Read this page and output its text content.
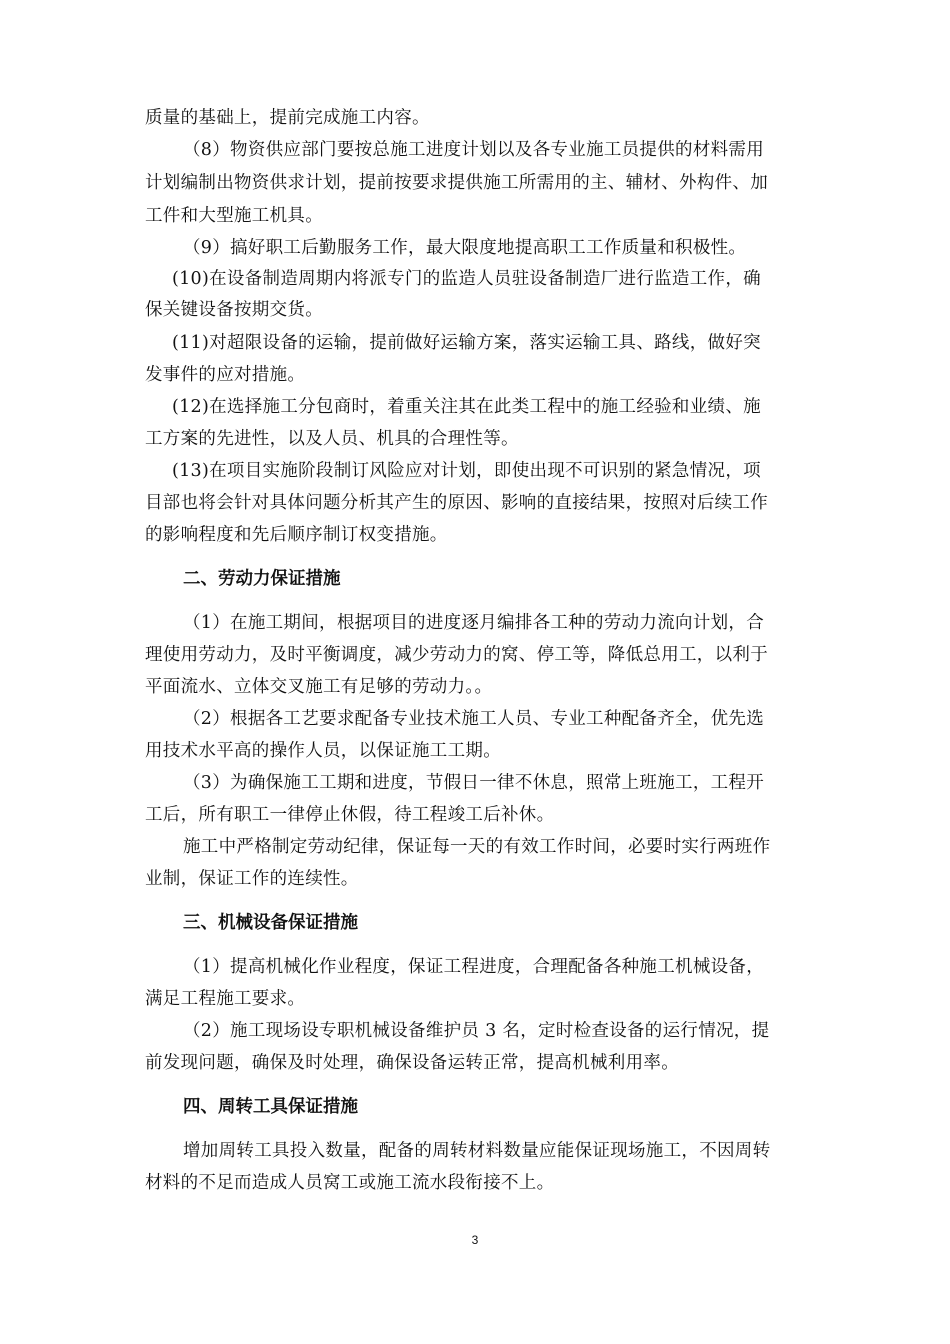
质量的基础上，提前完成施工内容。
（8）物资供应部门要按总施工进度计划以及各专业施工员提供的材料需用
计划编制出物资供求计划，提前按要求提供施工所需用的主、辅材、外构件、加
工件和大型施工机具。
（9）搞好职工后勤服务工作，最大限度地提高职工工作质量和积极性。
(10)在设备制造周期内将派专门的监造人员驻设备制造厂进行监造工作，确
保关键设备按期交货。
(11)对超限设备的运输，提前做好运输方案，落实运输工具、路线，做好突
发事件的应对措施。
(12)在选择施工分包商时，着重关注其在此类工程中的施工经验和业绩、施
工方案的先进性，以及人员、机具的合理性等。
(13)在项目实施阶段制订风险应对计划，即使出现不可识别的紧急情况，项
目部也将会针对具体问题分析其产生的原因、影响的直接结果，按照对后续工作
的影响程度和先后顺序制订权变措施。
二、劳动力保证措施
（1）在施工期间，根据项目的进度逐月编排各工种的劳动力流向计划，合
理使用劳动力，及时平衡调度，减少劳动力的窝、停工等，降低总用工，以利于
平面流水、立体交叉施工有足够的劳动力。。
（2）根据各工艺要求配备专业技术施工人员、专业工种配备齐全，优先选
用技术水平高的操作人员，以保证施工工期。
（3）为确保施工工期和进度，节假日一律不休息，照常上班施工，工程开
工后，所有职工一律停止休假，待工程竣工后补休。
施工中严格制定劳动纪律，保证每一天的有效工作时间，必要时实行两班作
业制，保证工作的连续性。
三、机械设备保证措施
（1）提高机械化作业程度，保证工程进度，合理配备各种施工机械设备，
满足工程施工要求。
（2）施工现场设专职机械设备维护员 3 名，定时检查设备的运行情况，提
前发现问题，确保及时处理，确保设备运转正常，提高机械利用率。
四、周转工具保证措施
增加周转工具投入数量，配备的周转材料数量应能保证现场施工，不因周转
材料的不足而造成人员窝工或施工流水段衔接不上。
3
